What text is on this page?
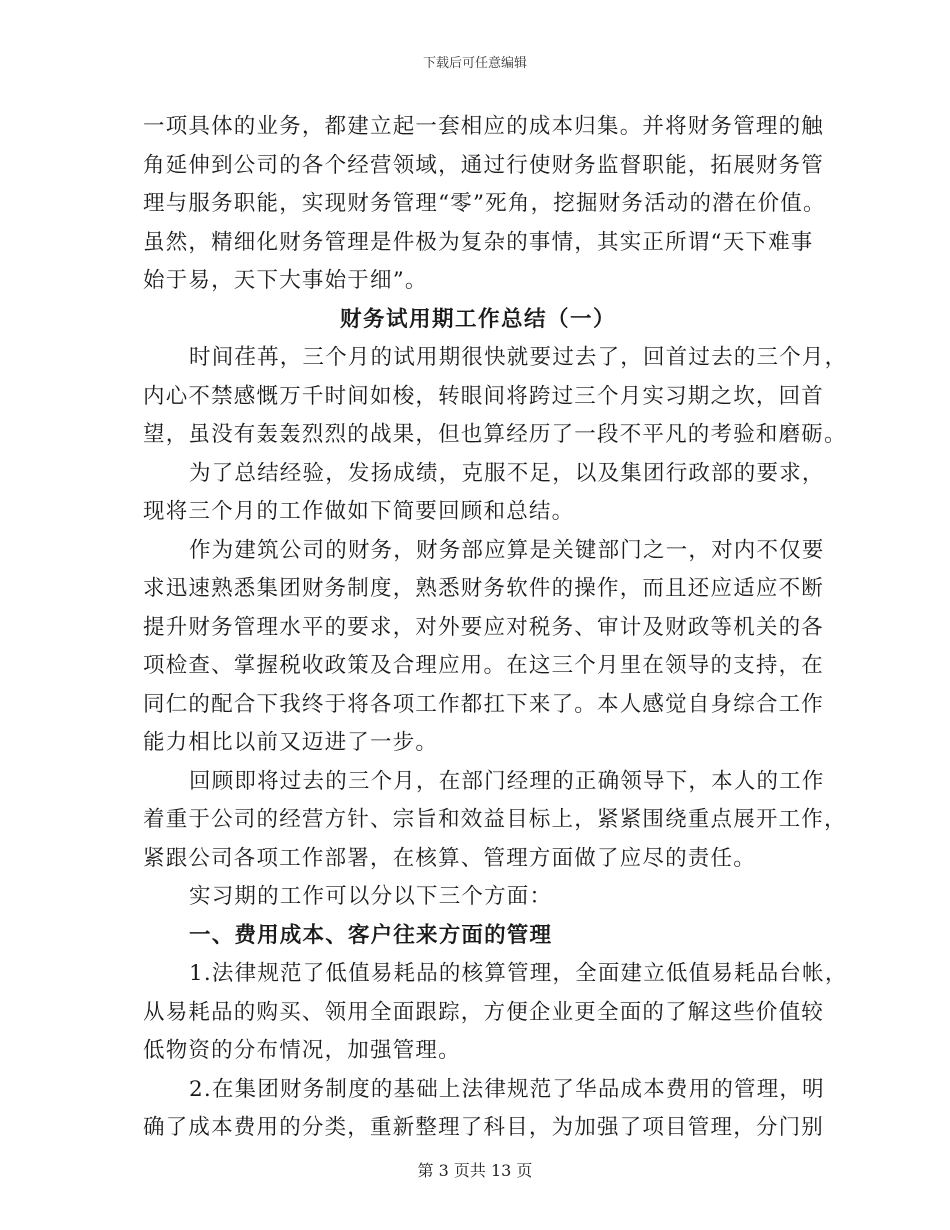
下载后可任意编辑
一项具体的业务，都建立起一套相应的成本归集。并将财务管理的触
角延伸到公司的各个经营领域，通过行使财务监督职能，拓展财务管
理与服务职能，实现财务管理“零”死角，挖掘财务活动的潜在价值。
虽然，精细化财务管理是件极为复杂的事情，其实正所谓“天下难事
始于易，天下大事始于细”。
财务试用期工作总结（一）
时间荏苒，三个月的试用期很快就要过去了，回首过去的三个月，
内心不禁感慨万千时间如梭，转眼间将跨过三个月实习期之坎，回首
望，虽没有轰轰烈烈的战果，但也算经历了一段不平凡的考验和磨砺。
为了总结经验，发扬成绩，克服不足，以及集团行政部的要求，
现将三个月的工作做如下简要回顾和总结。
作为建筑公司的财务，财务部应算是关键部门之一，对内不仅要
求迅速熟悉集团财务制度，熟悉财务软件的操作，而且还应适应不断
提升财务管理水平的要求，对外要应对税务、审计及财政等机关的各
项检查、掌握税收政策及合理应用。在这三个月里在领导的支持，在
同仁的配合下我终于将各项工作都扛下来了。本人感觉自身综合工作
能力相比以前又迈进了一步。
回顾即将过去的三个月，在部门经理的正确领导下，本人的工作
着重于公司的经营方针、宗旨和效益目标上，紧紧围绕重点展开工作，
紧跟公司各项工作部署，在核算、管理方面做了应尽的责任。
实习期的工作可以分以下三个方面：
一、费用成本、客户往来方面的管理
1.法律规范了低值易耗品的核算管理，全面建立低值易耗品台帐，
从易耗品的购买、领用全面跟踪，方便企业更全面的了解这些价值较
低物资的分布情况，加强管理。
2.在集团财务制度的基础上法律规范了华品成本费用的管理，明
确了成本费用的分类，重新整理了科目，为加强了项目管理，分门别
第 3 页共 13 页
